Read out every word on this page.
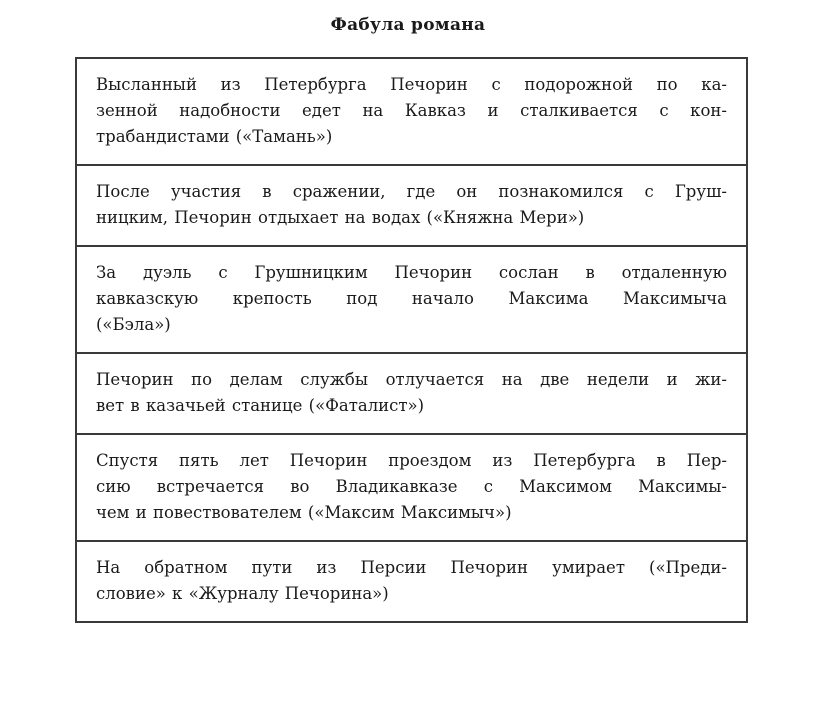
Фабула романа

Высланный из Петербурга Печорин с подорожной по ка-
зенной надобности едет на Кавказ и сталкивается с кон-
трабандистами («Тамань»)

После участия в сражении, где он познакомился с Груш-
ницким, Печорин отдыхает на водах («Княжна Мери»)

За дуэль с Грушницким Печорин сослан в отдаленную
кавказскую крепость под начало Максима Максимыча
(«Бэла»)

Печорин по делам службы отлучается на две недели и жи-
вет в казачьей станице («Фаталист»)

Спустя пять лет Печорин проездом из Петербурга в Пер-
сию встречается во Владикавказе с Максимом Максимы-
чем и повествователем («Максим Максимыч»)

На обратном пути из Персии Печорин умирает («Преди-
словие» к «Журналу Печорина»)
